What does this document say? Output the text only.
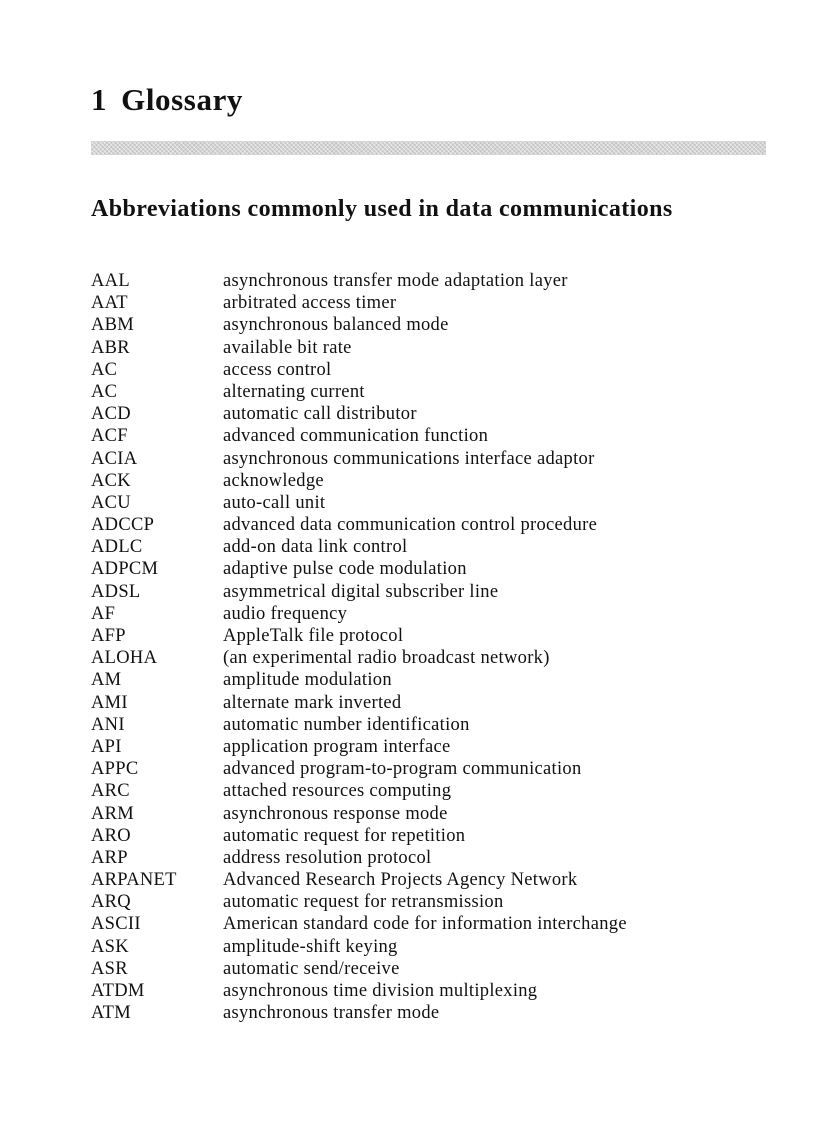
1 Glossary
Abbreviations commonly used in data communications
AAL	asynchronous transfer mode adaptation layer
AAT	arbitrated access timer
ABM	asynchronous balanced mode
ABR	available bit rate
AC	access control
AC	alternating current
ACD	automatic call distributor
ACF	advanced communication function
ACIA	asynchronous communications interface adaptor
ACK	acknowledge
ACU	auto-call unit
ADCCP	advanced data communication control procedure
ADLC	add-on data link control
ADPCM	adaptive pulse code modulation
ADSL	asymmetrical digital subscriber line
AF	audio frequency
AFP	AppleTalk file protocol
ALOHA	(an experimental radio broadcast network)
AM	amplitude modulation
AMI	alternate mark inverted
ANI	automatic number identification
API	application program interface
APPC	advanced program-to-program communication
ARC	attached resources computing
ARM	asynchronous response mode
ARO	automatic request for repetition
ARP	address resolution protocol
ARPANET	Advanced Research Projects Agency Network
ARQ	automatic request for retransmission
ASCII	American standard code for information interchange
ASK	amplitude-shift keying
ASR	automatic send/receive
ATDM	asynchronous time division multiplexing
ATM	asynchronous transfer mode
